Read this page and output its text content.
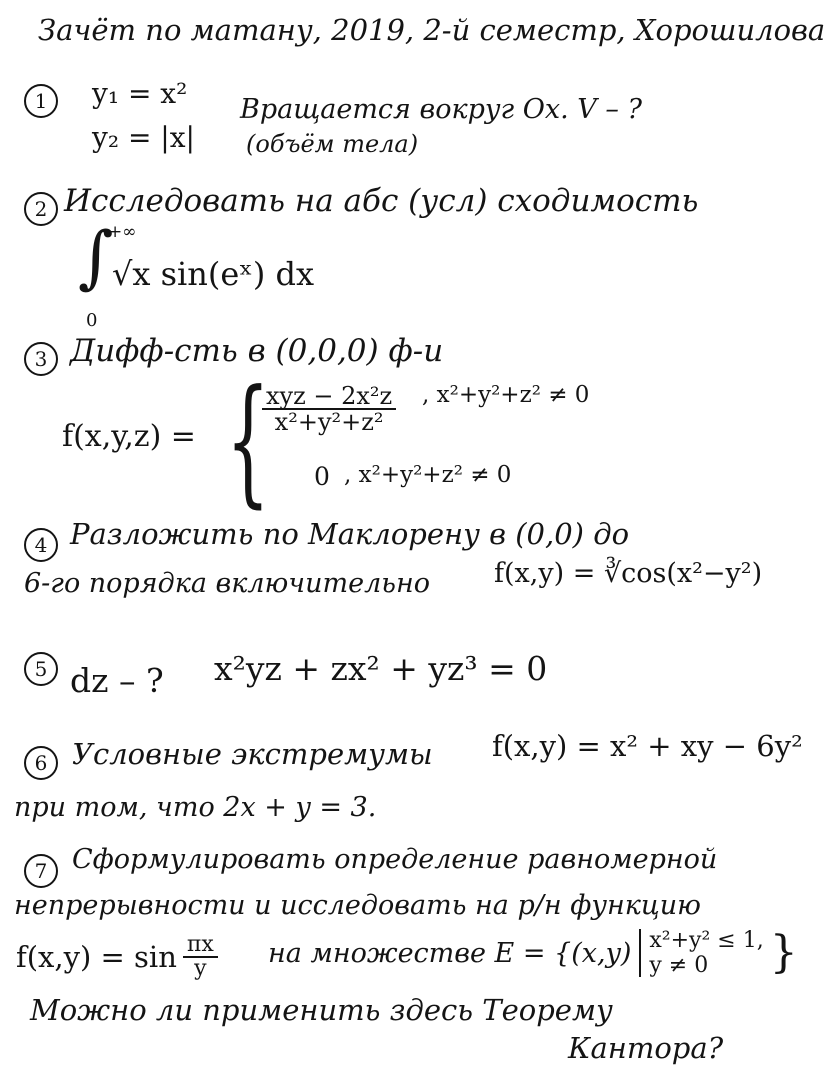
Зачёт по матану, 2019, 2-й семестр, Хорошилова
1	y₁ = x²
y₂ = |x|
Вращается вокруг Ox. V – ?
(объём тела)
2 Исследовать на абс (усл) сходимость
∫
+∞
0
√x sin(eˣ) dx
3 Дифф-сть в (0,0,0) ф-и
f(x,y,z) = {
$\frac{\text{xyz − 2x²z}}{\text{x²+y²+z²}}$ , x²+y²+z² ≠ 0
0 , x²+y²+z² ≠ 0
4 Разложить по Маклорену в (0,0) до
6-го порядка включительно f(x,y) = ∛cos(x²−y²)
5 dz – ? x²yz + zx² + yz³ = 0
6 Условные экстремумы f(x,y) = x² + xy − 6y²
при том, что 2x + y = 3.
7 Сформулировать определение равномерной
непрерывности и исследовать на р/н функцию
$f(x,y) = \sin \frac{\pi x}{y}$ на множестве E = {(x,y) x²+y² ≤ 1,
y ≠ 0	}
Можно ли применить здесь Теорему
Кантора?
